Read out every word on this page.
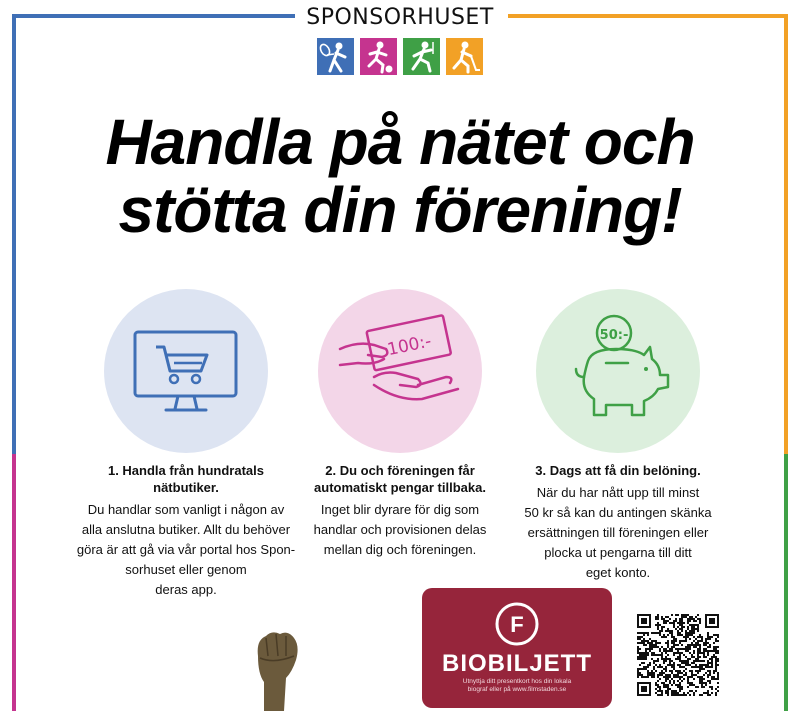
SPONSORHUSET
Handla på nätet och
stötta din förening!
100:-	50:-
1. Handla från hundratals
nätbutiker.
Du handlar som vanligt i någon av
alla anslutna butiker. Allt du behöver
göra är att gå via vår portal hos Spon-
sorhuset eller genom
deras app.
2. Du och föreningen får
automatiskt pengar tillbaka.
Inget blir dyrare för dig som
handlar och provisionen delas
mellan dig och föreningen.
3. Dags att få din belöning.
När du har nått upp till minst
50 kr så kan du antingen skänka
ersättningen till föreningen eller
plocka ut pengarna till ditt
eget konto.
F
BIOBILJETT
Utnyttja ditt presentkort hos din lokala
biograf eller på www.filmstaden.se
